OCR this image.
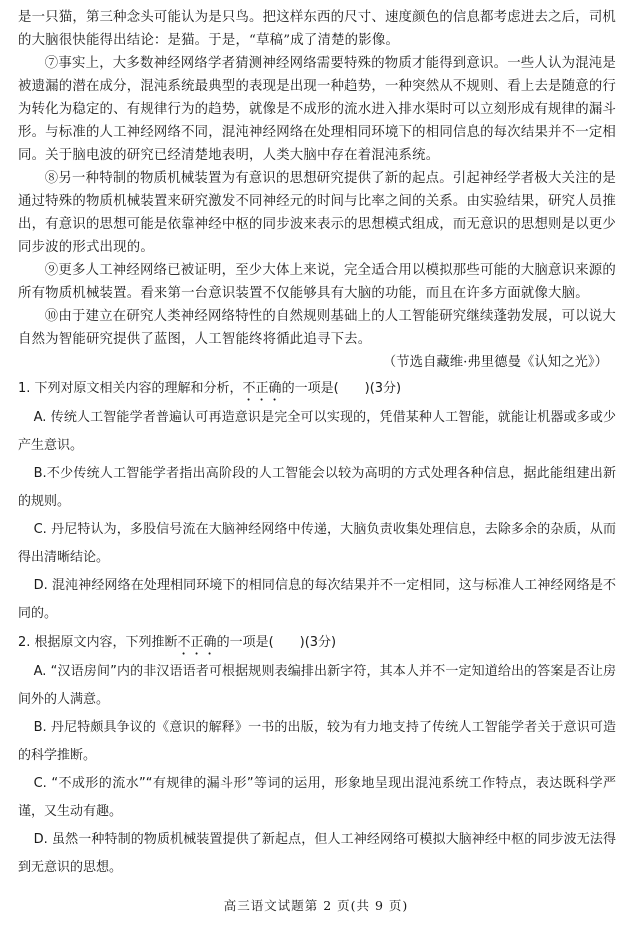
是一只猫，第三种念头可能认为是只鸟。把这样东西的尺寸、速度颜色的信息都考虑进去之后，司机的大脑很快能得出结论：是猫。于是，“草稿”成了清楚的影像。

⑦事实上，大多数神经网络学者猜测神经网络需要特殊的物质才能得到意识。一些人认为混沌是被遗漏的潜在成分，混沌系统最典型的表现是出现一种趋势，一种突然从不规则、看上去是随意的行为转化为稳定的、有规律行为的趋势，就像是不成形的流水进入排水渠时可以立刻形成有规律的漏斗形。与标准的人工神经网络不同，混沌神经网络在处理相同环境下的相同信息的每次结果并不一定相同。关于脑电波的研究已经清楚地表明，人类大脑中存在着混沌系统。

⑧另一种特制的物质机械装置为有意识的思想研究提供了新的起点。引起神经学者极大关注的是通过特殊的物质机械装置来研究激发不同神经元的时间与比率之间的关系。由实验结果，研究人员推出，有意识的思想可能是依靠神经中枢的同步波来表示的思想模式组成，而无意识的思想则是以更少同步波的形式出现的。

⑨更多人工神经网络已被证明，至少大体上来说，完全适合用以模拟那些可能的大脑意识来源的所有物质机械装置。看来第一台意识装置不仅能够具有大脑的功能，而且在许多方面就像大脑。

⑩由于建立在研究人类神经网络特性的自然规则基础上的人工智能研究继续蓬勃发展，可以说大自然为智能研究提供了蓝图，人工智能终将循此追寻下去。

（节选自藏维·弗里德曼《认知之光》）

1. 下列对原文相关内容的理解和分析，不正确的一项是(　　)(3分)

A. 传统人工智能学者普遍认可再造意识是完全可以实现的，凭借某种人工智能，就能让机器或多或少产生意识。

B.不少传统人工智能学者指出高阶段的人工智能会以较为高明的方式处理各种信息，据此能组建出新的规则。

C. 丹尼特认为，多股信号流在大脑神经网络中传递，大脑负责收集处理信息，去除多余的杂质，从而得出清晰结论。

D. 混沌神经网络在处理相同环境下的相同信息的每次结果并不一定相同，这与标准人工神经网络是不同的。

2. 根据原文内容，下列推断不正确的一项是(　　)(3分)

A. “汉语房间”内的非汉语语者可根据规则表编排出新字符，其本人并不一定知道给出的答案是否让房间外的人满意。

B. 丹尼特颇具争议的《意识的解释》一书的出版，较为有力地支持了传统人工智能学者关于意识可造的科学推断。

C. “不成形的流水”“有规律的漏斗形”等词的运用，形象地呈现出混沌系统工作特点，表达既科学严谨，又生动有趣。

D. 虽然一种特制的物质机械装置提供了新起点，但人工神经网络可模拟大脑神经中枢的同步波无法得到无意识的思想。

高三语文试题第 2 页(共 9 页)
